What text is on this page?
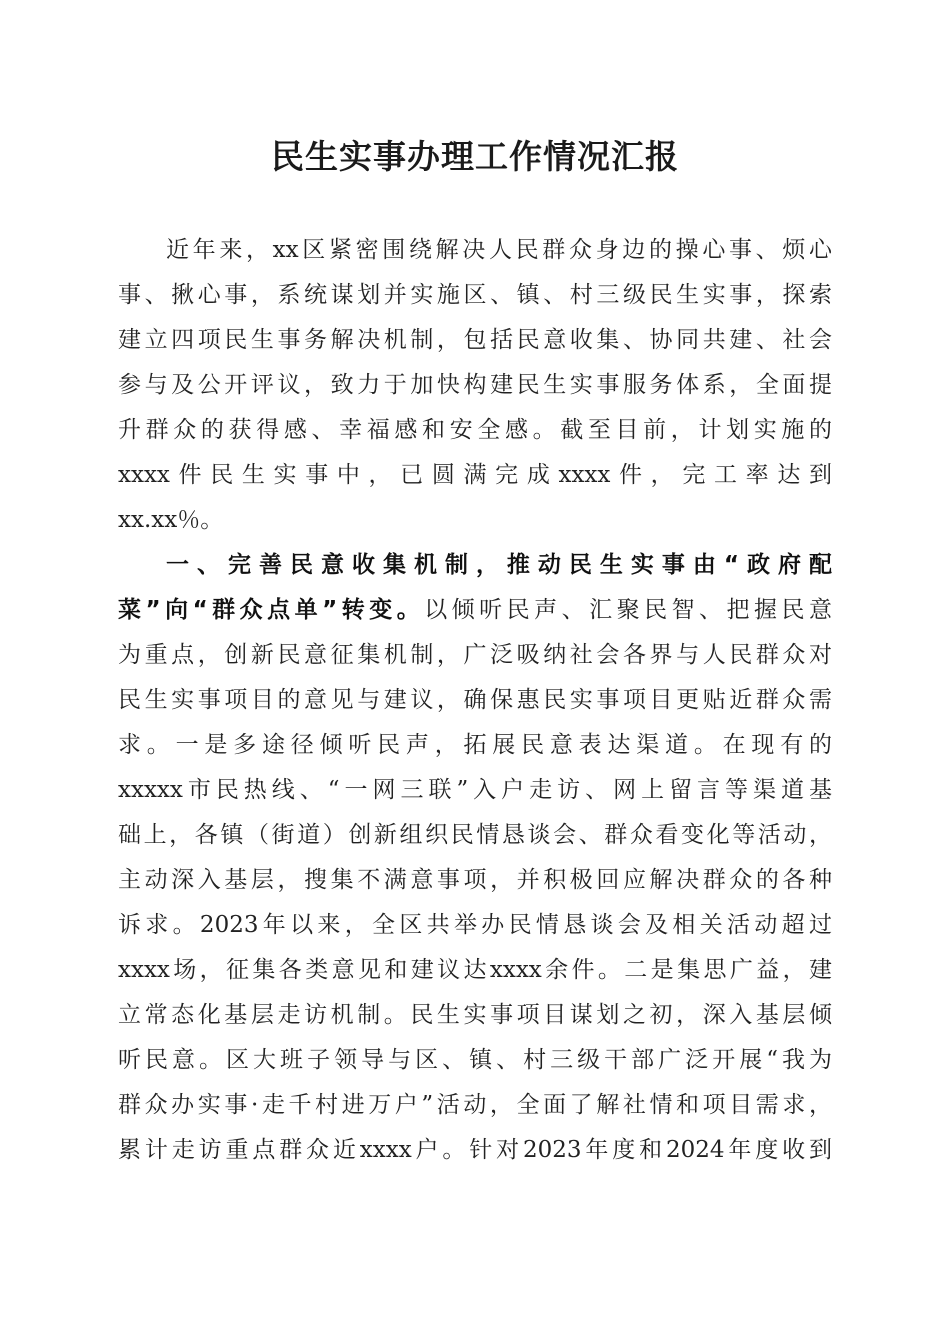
民生实事办理工作情况汇报
近年来，xx区紧密围绕解决人民群众身边的操心事、烦心
事、揪心事，系统谋划并实施区、镇、村三级民生实事，探索
建立四项民生事务解决机制，包括民意收集、协同共建、社会
参与及公开评议，致力于加快构建民生实事服务体系，全面提
升群众的获得感、幸福感和安全感。截至目前，计划实施的
xxxx件民生实事中，已圆满完成xxxx件，完工率达到
xx.xx％。
一、完善民意收集机制，推动民生实事由“政府配
菜”向“群众点单”转变。以倾听民声、汇聚民智、把握民意
为重点，创新民意征集机制，广泛吸纳社会各界与人民群众对
民生实事项目的意见与建议，确保惠民实事项目更贴近群众需
求。一是多途径倾听民声，拓展民意表达渠道。在现有的
xxxxx市民热线、“一网三联”入户走访、网上留言等渠道基
础上，各镇（街道）创新组织民情恳谈会、群众看变化等活动，
主动深入基层，搜集不满意事项，并积极回应解决群众的各种
诉求。2023年以来，全区共举办民情恳谈会及相关活动超过
xxxx场，征集各类意见和建议达xxxx余件。二是集思广益，建
立常态化基层走访机制。民生实事项目谋划之初，深入基层倾
听民意。区大班子领导与区、镇、村三级干部广泛开展“我为
群众办实事·走千村进万户”活动，全面了解社情和项目需求，
累计走访重点群众近xxxx户。针对2023年度和2024年度收到
